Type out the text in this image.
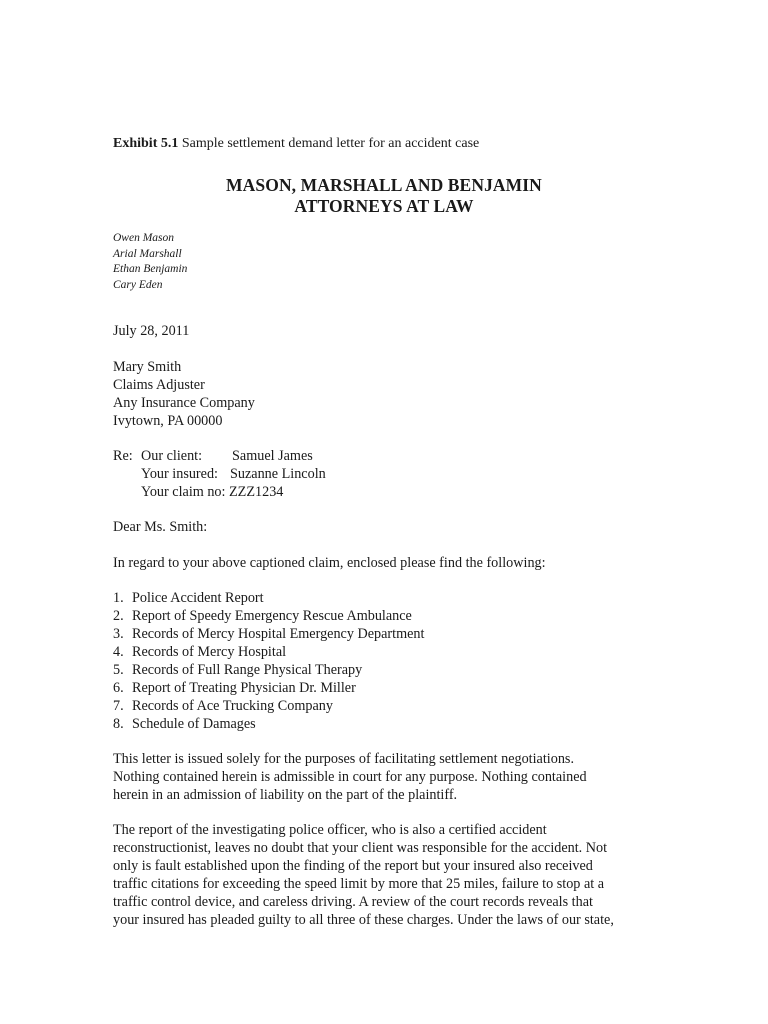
Exhibit 5.1 Sample settlement demand letter for an accident case
MASON, MARSHALL AND BENJAMIN
ATTORNEYS AT LAW
Owen Mason
Arial Marshall
Ethan Benjamin
Cary Eden
July 28, 2011
Mary Smith
Claims Adjuster
Any Insurance Company
Ivytown, PA 00000
Re: Our client: Samuel James
Your insured: Suzanne Lincoln
Your claim no: ZZZ1234
Dear Ms. Smith:
In regard to your above captioned claim, enclosed please find the following:
1. Police Accident Report
2. Report of Speedy Emergency Rescue Ambulance
3. Records of Mercy Hospital Emergency Department
4. Records of Mercy Hospital
5. Records of Full Range Physical Therapy
6. Report of Treating Physician Dr. Miller
7. Records of Ace Trucking Company
8. Schedule of Damages
This letter is issued solely for the purposes of facilitating settlement negotiations.
Nothing contained herein is admissible in court for any purpose. Nothing contained
herein in an admission of liability on the part of the plaintiff.
The report of the investigating police officer, who is also a certified accident
reconstructionist, leaves no doubt that your client was responsible for the accident. Not
only is fault established upon the finding of the report but your insured also received
traffic citations for exceeding the speed limit by more that 25 miles, failure to stop at a
traffic control device, and careless driving. A review of the court records reveals that
your insured has pleaded guilty to all three of these charges. Under the laws of our state,
